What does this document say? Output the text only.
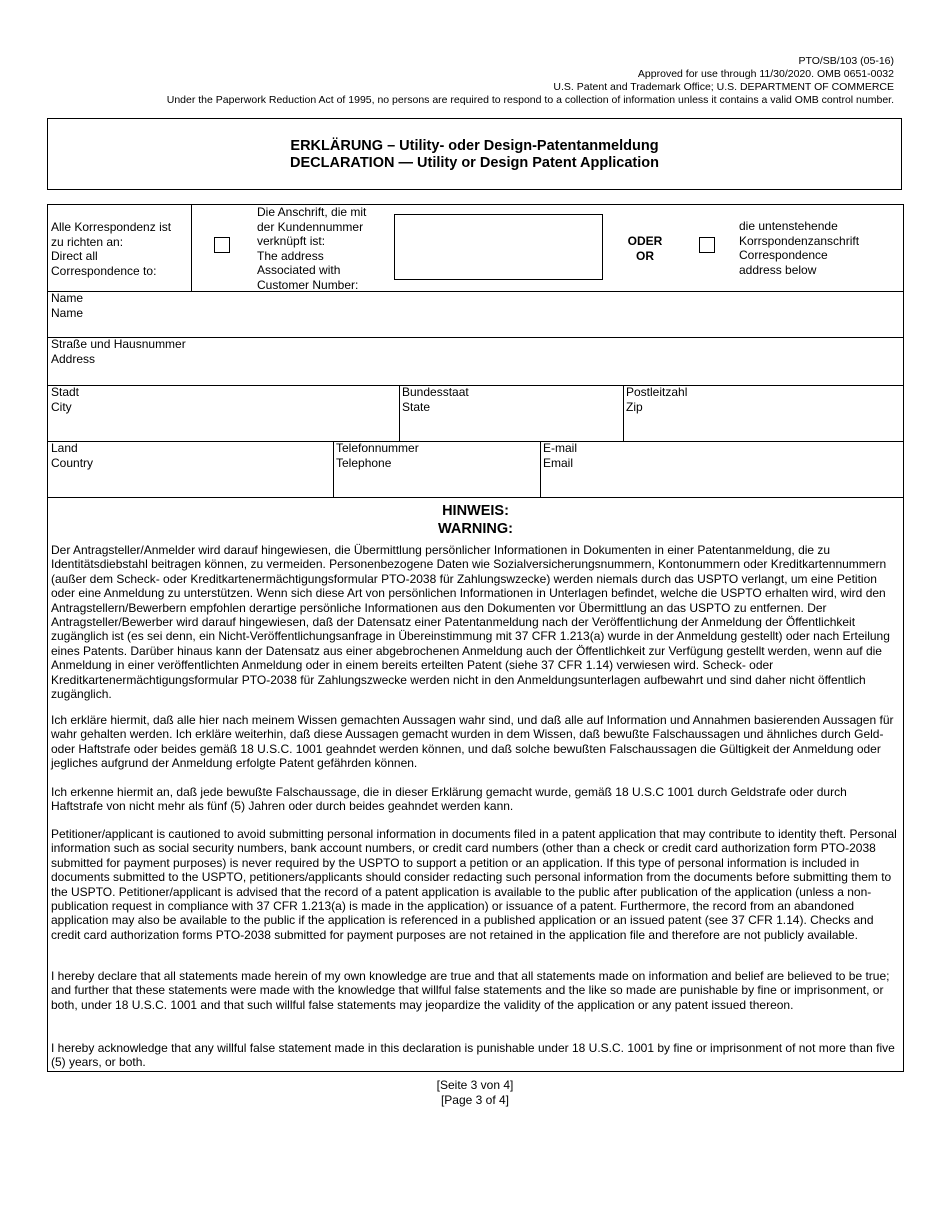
PTO/SB/103 (05-16)
Approved for use through 11/30/2020. OMB 0651-0032
U.S. Patent and Trademark Office; U.S. DEPARTMENT OF COMMERCE
Under the Paperwork Reduction Act of 1995, no persons are required to respond to a collection of information unless it contains a valid OMB control number.
ERKLÄRUNG – Utility- oder Design-Patentanmeldung
DECLARATION — Utility or Design Patent Application
Alle Korrespondenz ist
zu richten an:
Direct all
Correspondence to:
Die Anschrift, die mit
der Kundennummer
verknüpft ist:
The address
Associated with
Customer Number:
ODER
OR
die untenstehende
Korrspondenzanschrift
Correspondence
address below
Name
Name
Straße und Hausnummer
Address
Stadt
City
Bundesstaat
State
Postleitzahl
Zip
Land
Country
Telefonnummer
Telephone
E-mail
Email
HINWEIS:
WARNING:
Der Antragsteller/Anmelder wird darauf hingewiesen, die Übermittlung persönlicher Informationen in Dokumenten in einer Patentanmeldung, die zu Identitätsdiebstahl beitragen können, zu vermeiden. Personenbezogene Daten wie Sozialversicherungsnummern, Kontonummern oder Kreditkartennummern (außer dem Scheck- oder Kreditkartenermächtigungsformular PTO-2038 für Zahlungswzecke) werden niemals durch das USPTO verlangt, um eine Petition oder eine Anmeldung zu unterstützen. Wenn sich diese Art von persönlichen Informationen in Unterlagen befindet, welche die USPTO erhalten wird, wird den Antragstellern/Bewerbern empfohlen derartige persönliche Informationen aus den Dokumenten vor Übermittlung an das USPTO zu entfernen. Der Antragsteller/Bewerber wird darauf hingewiesen, daß der Datensatz einer Patentanmeldung nach der Veröffentlichung der Anmeldung der Öffentlichkeit zugänglich ist (es sei denn, ein Nicht-Veröffentlichungsanfrage in Übereinstimmung mit 37 CFR 1.213(a) wurde in der Anmeldung gestellt) oder nach Erteilung eines Patents. Darüber hinaus kann der Datensatz aus einer abgebrochenen Anmeldung auch der Öffentlichkeit zur Verfügung gestellt werden, wenn auf die Anmeldung in einer veröffentlichten Anmeldung oder in einem bereits erteilten Patent (siehe 37 CFR 1.14) verwiesen wird. Scheck- oder Kreditkartenermächtigungsformular PTO-2038 für Zahlungszwecke werden nicht in den Anmeldungsunterlagen aufbewahrt und sind daher nicht öffentlich zugänglich.
Ich erkläre hiermit, daß alle hier nach meinem Wissen gemachten Aussagen wahr sind, und daß alle auf Information und Annahmen basierenden Aussagen für wahr gehalten werden. Ich erkläre weiterhin, daß diese Aussagen gemacht wurden in dem Wissen, daß bewußte Falschaussagen und ähnliches durch Geld- oder Haftstrafe oder beides gemäß 18 U.S.C. 1001 geahndet werden können, und daß solche bewußten Falschaussagen die Gültigkeit der Anmeldung oder jegliches aufgrund der Anmeldung erfolgte Patent gefährden können.
Ich erkenne hiermit an, daß jede bewußte Falschaussage, die in dieser Erklärung gemacht wurde, gemäß 18 U.S.C 1001 durch Geldstrafe oder durch Haftstrafe von nicht mehr als fünf (5) Jahren oder durch beides geahndet werden kann.
Petitioner/applicant is cautioned to avoid submitting personal information in documents filed in a patent application that may contribute to identity theft. Personal information such as social security numbers, bank account numbers, or credit card numbers (other than a check or credit card authorization form PTO-2038 submitted for payment purposes) is never required by the USPTO to support a petition or an application. If this type of personal information is included in documents submitted to the USPTO, petitioners/applicants should consider redacting such personal information from the documents before submitting them to the USPTO. Petitioner/applicant is advised that the record of a patent application is available to the public after publication of the application (unless a non-publication request in compliance with 37 CFR 1.213(a) is made in the application) or issuance of a patent. Furthermore, the record from an abandoned application may also be available to the public if the application is referenced in a published application or an issued patent (see 37 CFR 1.14). Checks and credit card authorization forms PTO-2038 submitted for payment purposes are not retained in the application file and therefore are not publicly available.
I hereby declare that all statements made herein of my own knowledge are true and that all statements made on information and belief are believed to be true; and further that these statements were made with the knowledge that willful false statements and the like so made are punishable by fine or imprisonment, or both, under 18 U.S.C. 1001 and that such willful false statements may jeopardize the validity of the application or any patent issued thereon.
I hereby acknowledge that any willful false statement made in this declaration is punishable under 18 U.S.C. 1001 by fine or imprisonment of not more than five (5) years, or both.
[Seite 3 von 4]
[Page 3 of 4]
